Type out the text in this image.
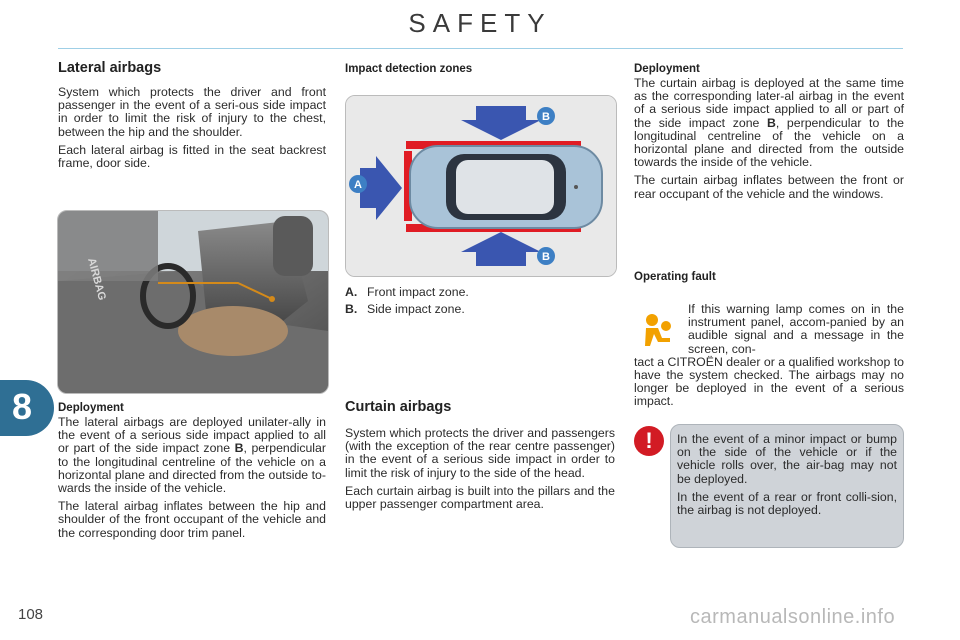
SAFETY
8
Lateral airbags

System which protects the driver and front passenger in the event of a seri-ous side impact in order to limit the risk of injury to the chest, between the hip and the shoulder.

Each lateral airbag is fitted in the seat backrest frame, door side.

AIRBAG
Deployment

The lateral airbags are deployed unilater-ally in the event of a serious side impact applied to all or part of the side impact zone B, perpendicular to the longitudinal centreline of the vehicle on a horizontal plane and directed from the outside to-wards the inside of the vehicle.

The lateral airbag inflates between the hip and shoulder of the front occupant of the vehicle and the corresponding door trim panel.

Impact detection zones
B
B
A
A. Front impact zone.
B. Side impact zone.
Curtain airbags

System which protects the driver and passengers (with the exception of the rear centre passenger) in the event of a serious side impact in order to limit the risk of injury to the side of the head.

Each curtain airbag is built into the pillars and the upper passenger compartment area.

Deployment

The curtain airbag is deployed at the same time as the corresponding later-al airbag in the event of a serious side impact applied to all or part of the side impact zone B, perpendicular to the longitudinal centreline of the vehicle on a horizontal plane and directed from the outside towards the inside of the vehicle.

The curtain airbag inflates between the front or rear occupant of the vehicle and the windows.

Operating fault

If this warning lamp comes on in the instrument panel, accom-panied by an audible signal and a message in the screen, con-

tact a CITROËN dealer or a qualified workshop to have the system checked. The airbags may no longer be deployed in the event of a serious impact.

!	In the event of a minor impact or bump on the side of the vehicle or if the vehicle rolls over, the air-bag may not be deployed.

In the event of a rear or front colli-sion, the airbag is not deployed.

108	carmanualsonline.info
